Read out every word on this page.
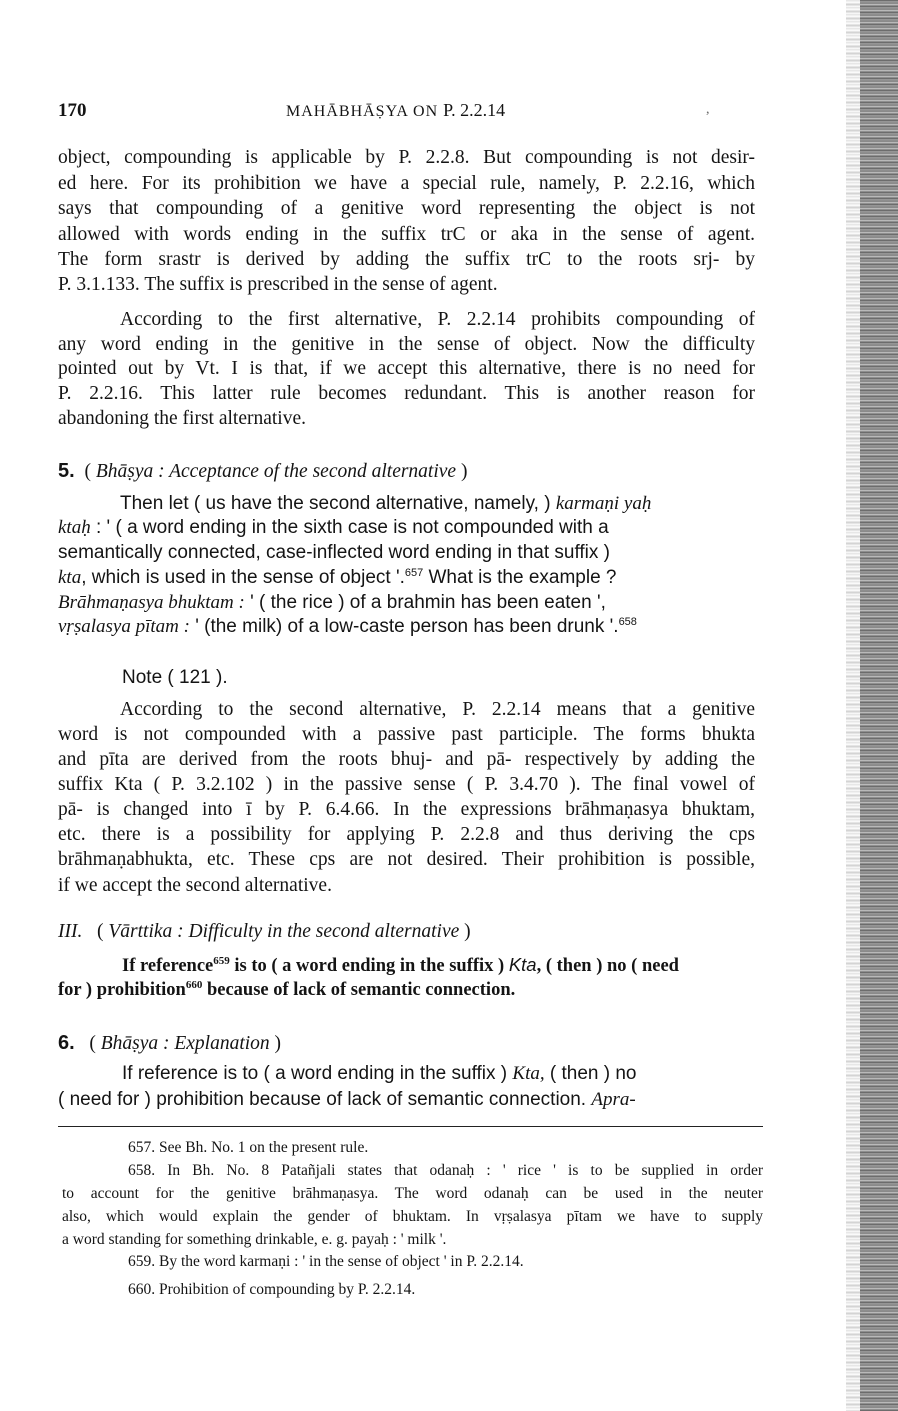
170	MAHĀBHĀṢYA ON P. 2.2.14	,
object, compounding is applicable by P. 2.2.8. But compounding is not desir-
ed here. For its prohibition we have a special rule, namely, P. 2.2.16, which
says that compounding of a genitive word representing the object is not
allowed with words ending in the suffix trC or aka in the sense of agent.
The form srastr is derived by adding the suffix trC to the roots srj- by
P. 3.1.133. The suffix is prescribed in the sense of agent.
According to the first alternative, P. 2.2.14 prohibits compounding of
any word ending in the genitive in the sense of object. Now the difficulty
pointed out by Vt. I is that, if we accept this alternative, there is no need for
P. 2.2.16. This latter rule becomes redundant. This is another reason for
abandoning the first alternative.
5. ( Bhāṣya : Acceptance of the second alternative )
Then let ( us have the second alternative, namely, ) karmaṇi yaḥ
ktaḥ : ' ( a word ending in the sixth case is not compounded with a
semantically connected, case-inflected word ending in that suffix )
kta, which is used in the sense of object '.$^{657}$ What is the example ?
Brāhmaṇasya bhuktam : ' ( the rice ) of a brahmin has been eaten ',
vṛṣalasya pītam : ' (the milk) of a low-caste person has been drunk '.$^{658}$
Note ( 121 ).
According to the second alternative, P. 2.2.14 means that a genitive
word is not compounded with a passive past participle. The forms bhukta
and pīta are derived from the roots bhuj- and pā- respectively by adding the
suffix Kta ( P. 3.2.102 ) in the passive sense ( P. 3.4.70 ). The final vowel of
pā- is changed into ī by P. 6.4.66. In the expressions brāhmaṇasya bhuktam,
etc. there is a possibility for applying P. 2.2.8 and thus deriving the cps
brāhmaṇabhukta, etc. These cps are not desired. Their prohibition is possible,
if we accept the second alternative.
III. ( Vārttika : Difficulty in the second alternative )
If reference$^{659}$ is to ( a word ending in the suffix ) Kta, ( then ) no ( need
for ) prohibition$^{660}$ because of lack of semantic connection.
6. ( Bhāṣya : Explanation )
If reference is to ( a word ending in the suffix ) Kta, ( then ) no
( need for ) prohibition because of lack of semantic connection. Apra-
657. See Bh. No. 1 on the present rule.
658. In Bh. No. 8 Patañjali states that odanaḥ : ' rice ' is to be supplied in order
to account for the genitive brāhmaṇasya. The word odanaḥ can be used in the neuter
also, which would explain the gender of bhuktam. In vṛṣalasya pītam we have to supply
a word standing for something drinkable, e. g. payaḥ : ' milk '.
659. By the word karmaṇi : ' in the sense of object ' in P. 2.2.14.
660. Prohibition of compounding by P. 2.2.14.
